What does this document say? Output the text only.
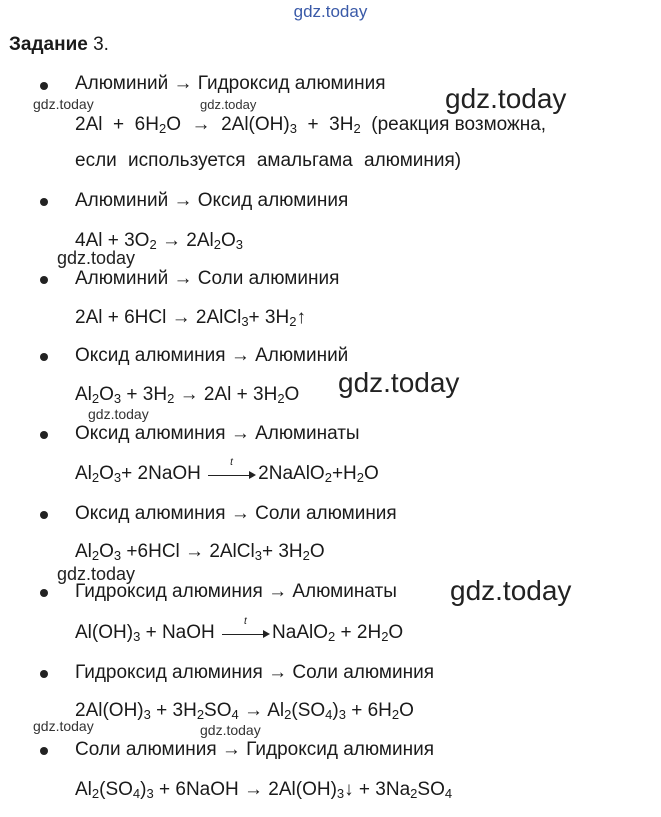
gdz.today
Задание 3.
Алюминий → Гидроксид алюминия
$2Al + 6H_2O \to 2Al(OH)_3 + 3H_2$ (реакция возможна,
если используется амальгама алюминия)
Алюминий → Оксид алюминия
$4Al + 3O_2 \to 2Al_2O_3$
Алюминий → Соли алюминия
2Al + 6HCl → 2AlCl$_3$+ $3H_2↑$
Оксид алюминия → Алюминий
$Al_2O_3 + 3H_2 \to 2Al + 3H_2O$
Оксид алюминия → Алюминаты
$Al_2O_3+$ 2NaOH
t
$2NaAlO_2+H_2O$
Оксид алюминия → Соли алюминия
$Al_2O_3 +6HCl$ → 2AlCl$_3$+ $3H_2O$
Гидроксид алюминия → Алюминаты
$Al(OH)_3$ + NaOH
t
NaAlO$_2$ + $2H_2O$
Гидроксид алюминия → Соли алюминия
$2Al(OH)_3 + 3H_2SO_4 \to Al_2(SO_4)_3 + 6H_2O$
Соли алюминия → Гидроксид алюминия
$Al_2(SO_4)_3$ + 6NaOH → $2Al(OH)_3↓ + 3Na_2SO_4$
gdz.today	gdz.today	gdz.today
gdz.today
gdz.today
gdz.today
gdz.today
gdz.today
gdz.today	gdz.today
